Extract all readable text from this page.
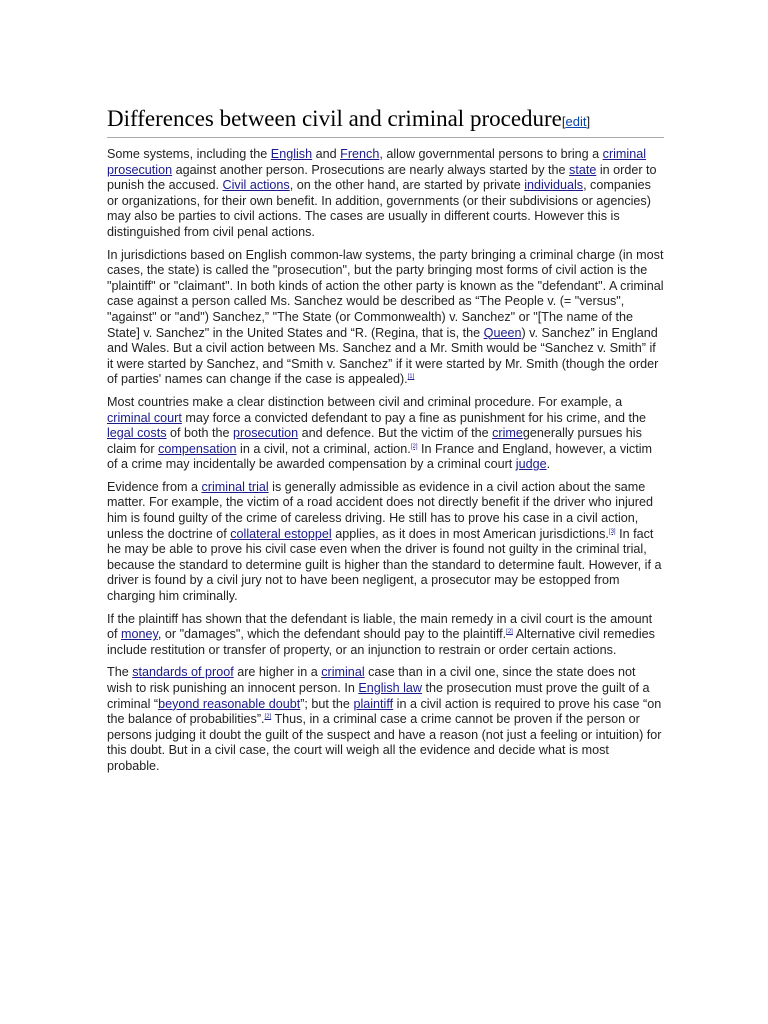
Differences between civil and criminal procedure[edit]

Some systems, including the English and French, allow governmental persons to bring a criminal prosecution against another person. Prosecutions are nearly always started by the state in order to punish the accused. Civil actions, on the other hand, are started by private individuals, companies or organizations, for their own benefit. In addition, governments (or their subdivisions or agencies) may also be parties to civil actions. The cases are usually in different courts. However this is distinguished from civil penal actions.

In jurisdictions based on English common-law systems, the party bringing a criminal charge (in most cases, the state) is called the "prosecution", but the party bringing most forms of civil action is the "plaintiff" or "claimant". In both kinds of action the other party is known as the "defendant". A criminal case against a person called Ms. Sanchez would be described as “The People v. (= "versus", "against" or "and") Sanchez,” "The State (or Commonwealth) v. Sanchez" or "[The name of the State] v. Sanchez" in the United States and “R. (Regina, that is, the Queen) v. Sanchez” in England and Wales. But a civil action between Ms. Sanchez and a Mr. Smith would be “Sanchez v. Smith” if it were started by Sanchez, and “Smith v. Sanchez” if it were started by Mr. Smith (though the order of parties' names can change if the case is appealed).[1]

Most countries make a clear distinction between civil and criminal procedure. For example, a criminal court may force a convicted defendant to pay a fine as punishment for his crime, and the legal costs of both the prosecution and defence. But the victim of the crimegenerally pursues his claim for compensation in a civil, not a criminal, action.[2] In France and England, however, a victim of a crime may incidentally be awarded compensation by a criminal court judge.

Evidence from a criminal trial is generally admissible as evidence in a civil action about the same matter. For example, the victim of a road accident does not directly benefit if the driver who injured him is found guilty of the crime of careless driving. He still has to prove his case in a civil action, unless the doctrine of collateral estoppel applies, as it does in most American jurisdictions.[3] In fact he may be able to prove his civil case even when the driver is found not guilty in the criminal trial, because the standard to determine guilt is higher than the standard to determine fault. However, if a driver is found by a civil jury not to have been negligent, a prosecutor may be estopped from charging him criminally.

If the plaintiff has shown that the defendant is liable, the main remedy in a civil court is the amount of money, or "damages", which the defendant should pay to the plaintiff.[2] Alternative civil remedies include restitution or transfer of property, or an injunction to restrain or order certain actions.

The standards of proof are higher in a criminal case than in a civil one, since the state does not wish to risk punishing an innocent person. In English law the prosecution must prove the guilt of a criminal “beyond reasonable doubt”; but the plaintiff in a civil action is required to prove his case “on the balance of probabilities”.[2] Thus, in a criminal case a crime cannot be proven if the person or persons judging it doubt the guilt of the suspect and have a reason (not just a feeling or intuition) for this doubt. But in a civil case, the court will weigh all the evidence and decide what is most probable.
